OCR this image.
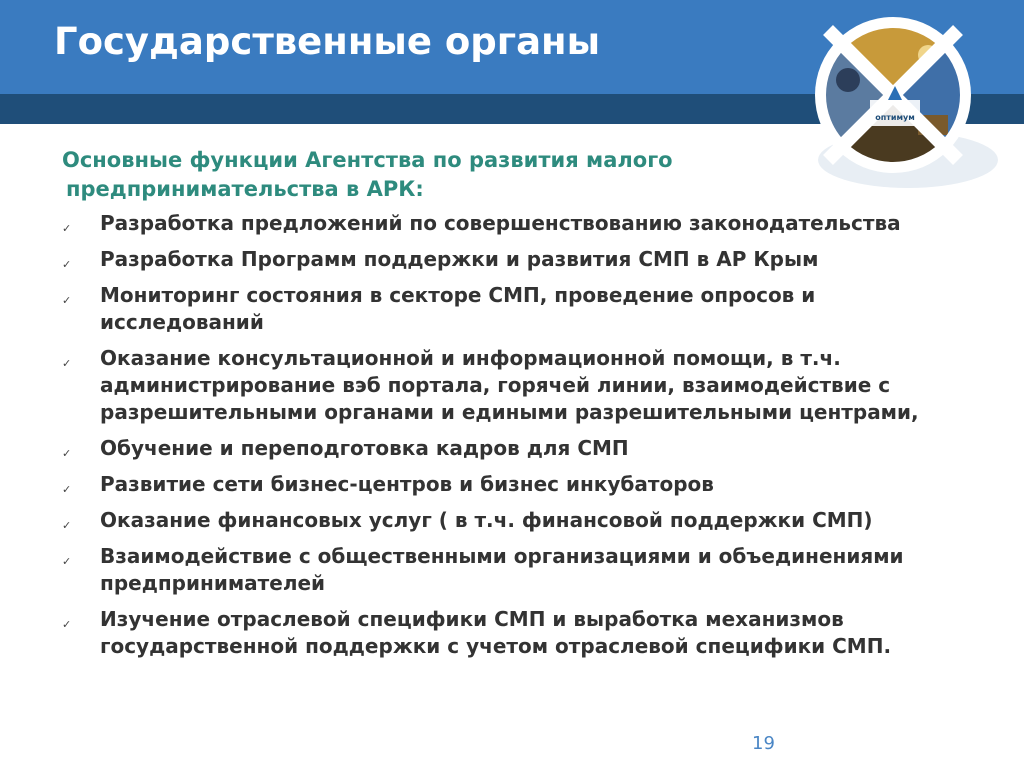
Государственные органы
оптимум

Основные функции Агентства по развития малого
предпринимательства в АРК:

✓ Разработка предложений по совершенствованию законодательства
✓ Разработка Программ поддержки и развития СМП в АР Крым
✓ Мониторинг состояния в секторе СМП, проведение опросов и исследований
✓ Оказание консультационной и информационной помощи, в т.ч. администрирование вэб портала, горячей линии, взаимодействие с разрешительными органами и едиными разрешительными центрами,
✓ Обучение и переподготовка кадров для СМП
✓ Развитие сети бизнес-центров и бизнес инкубаторов
✓ Оказание финансовых услуг ( в т.ч. финансовой поддержки СМП)
✓ Взаимодействие с общественными организациями и объединениями предпринимателей
✓ Изучение отраслевой специфики СМП и выработка механизмов государственной поддержки с учетом отраслевой специфики СМП.
19
